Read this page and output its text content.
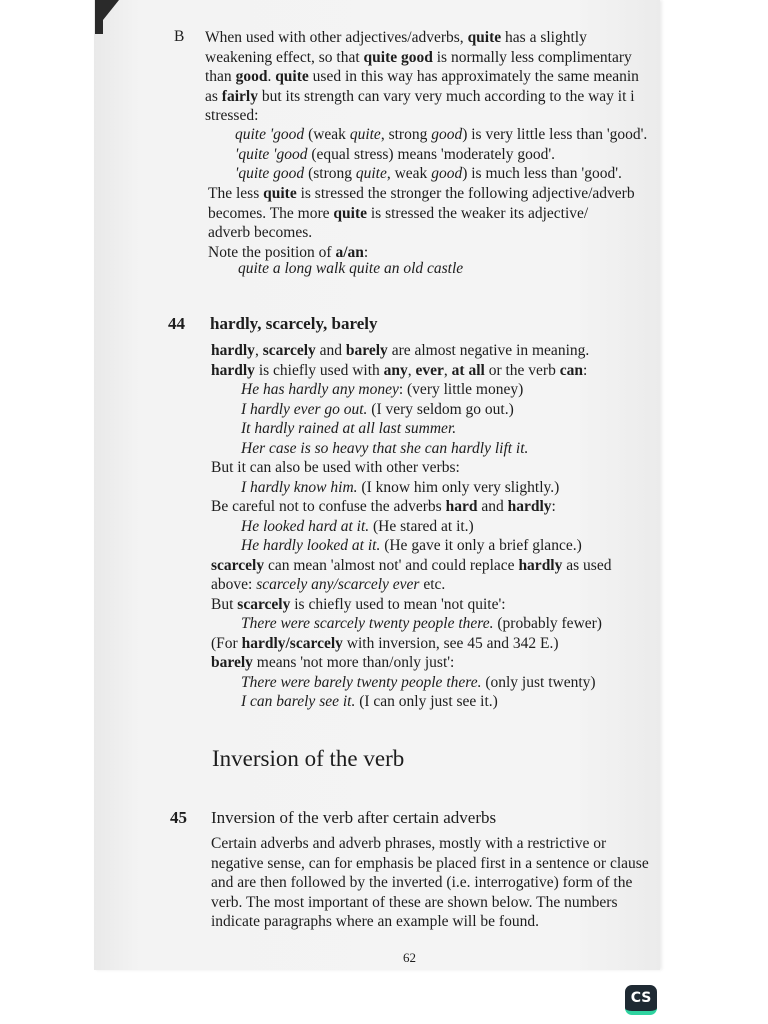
B When used with other adjectives/adverbs, quite has a slightly
weakening effect, so that quite good is normally less complimentary
than good. quite used in this way has approximately the same meanin
as fairly but its strength can vary very much according to the way it i
stressed:
quite 'good (weak quite, strong good) is very little less than 'good'.
'quite 'good (equal stress) means 'moderately good'.
'quite good (strong quite, weak good) is much less than 'good'.
The less quite is stressed the stronger the following adjective/adverb
becomes. The more quite is stressed the weaker its adjective/
adverb becomes.
Note the position of a/an:
quite a long walk quite an old castle
44 hardly, scarcely, barely
hardly, scarcely and barely are almost negative in meaning.
hardly is chiefly used with any, ever, at all or the verb can:
He has hardly any money: (very little money)
I hardly ever go out. (I very seldom go out.)
It hardly rained at all last summer.
Her case is so heavy that she can hardly lift it.
But it can also be used with other verbs:
I hardly know him. (I know him only very slightly.)
Be careful not to confuse the adverbs hard and hardly:
He looked hard at it. (He stared at it.)
He hardly looked at it. (He gave it only a brief glance.)
scarcely can mean 'almost not' and could replace hardly as used
above: scarcely any/scarcely ever etc.
But scarcely is chiefly used to mean 'not quite':
There were scarcely twenty people there. (probably fewer)
(For hardly/scarcely with inversion, see 45 and 342 E.)
barely means 'not more than/only just':
There were barely twenty people there. (only just twenty)
I can barely see it. (I can only just see it.)
Inversion of the verb
45 Inversion of the verb after certain adverbs
Certain adverbs and adverb phrases, mostly with a restrictive or
negative sense, can for emphasis be placed first in a sentence or clause
and are then followed by the inverted (i.e. interrogative) form of the
verb. The most important of these are shown below. The numbers
indicate paragraphs where an example will be found.
62
CS
